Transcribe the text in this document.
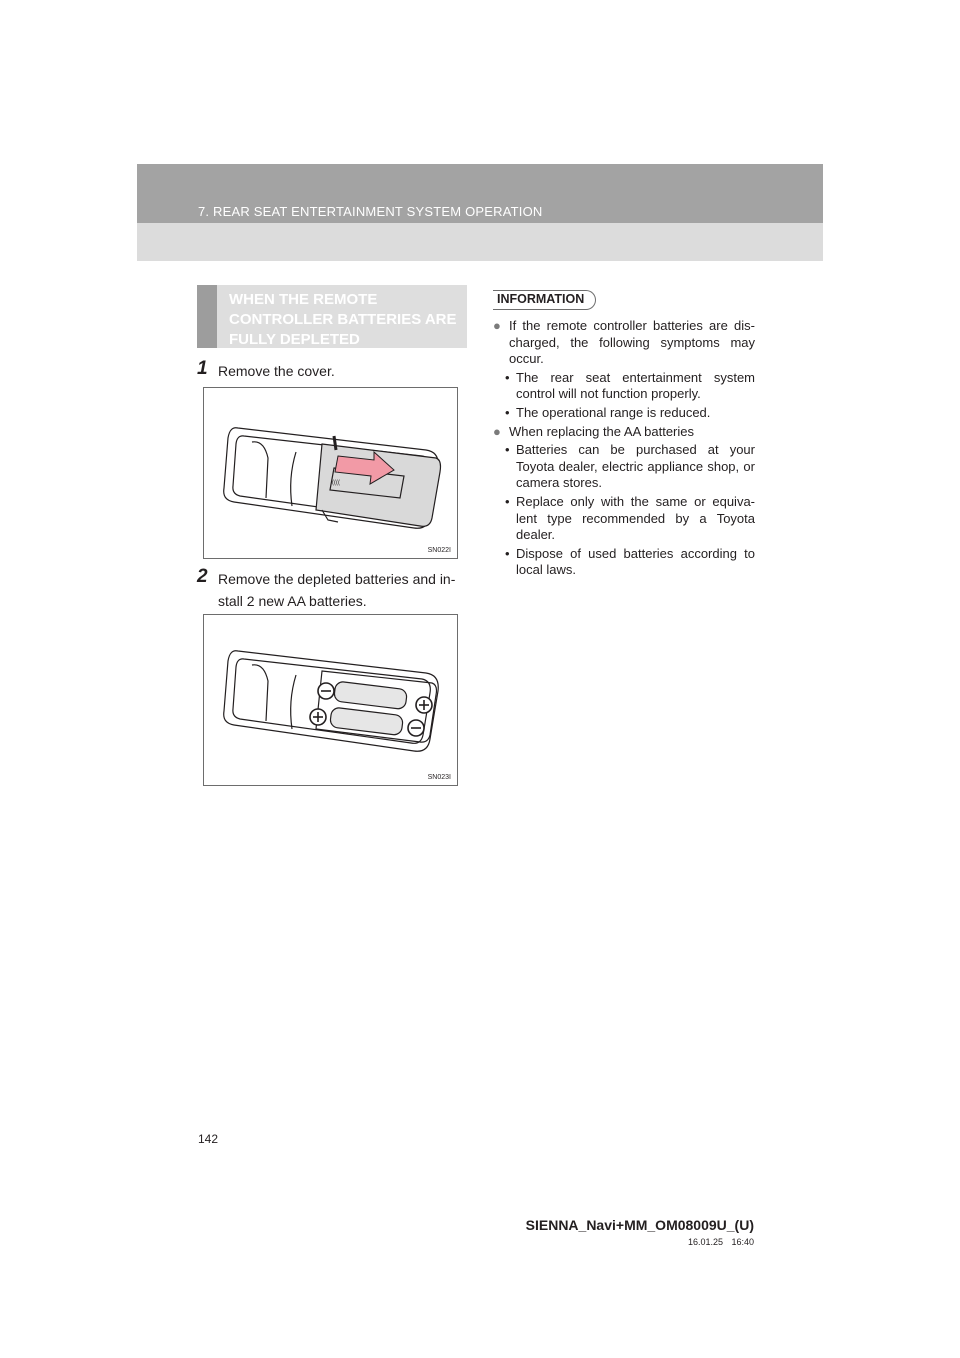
7. REAR SEAT ENTERTAINMENT SYSTEM OPERATION
WHEN THE REMOTE CONTROLLER BATTERIES ARE FULLY DEPLETED
1 Remove the cover.
((((
SN022I
2 Remove the depleted batteries and in-stall 2 new AA batteries.
SN023I
INFORMATION
● If the remote controller batteries are dis-charged, the following symptoms may occur.
• The rear seat entertainment system control will not function properly.
• The operational range is reduced.
● When replacing the AA batteries
• Batteries can be purchased at your Toyota dealer, electric appliance shop, or camera stores.
• Replace only with the same or equiva-lent type recommended by a Toyota dealer.
• Dispose of used batteries according to local laws.
142
SIENNA_Navi+MM_OM08009U_(U)
16.01.25 16:40
